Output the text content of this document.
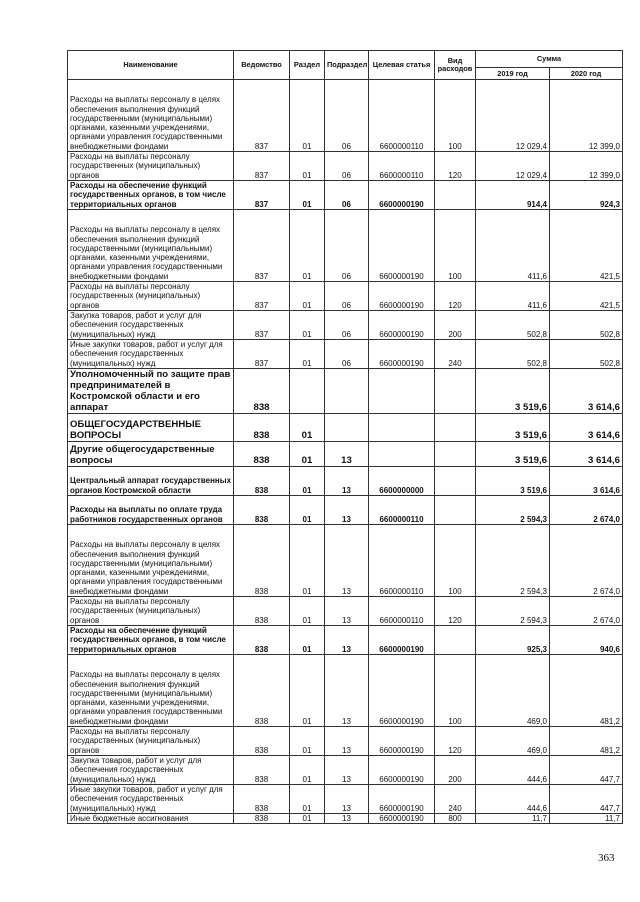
Наименование	Ведомство	Раздел	Подраздел	Целевая статья	Вид расходов	Сумма	
						2019 год	2020 год
Расходы на выплаты персоналу в целях обеспечения выполнения функций государственными (муниципальными) органами, казенными учреждениями, органами управления государственными внебюджетными фондами	837	01	06	6600000110	100	12 029,4	12 399,0
Расходы на выплаты персоналу государственных (муниципальных) органов	837	01	06	6600000110	120	12 029,4	12 399,0
Расходы на обеспечение функций государственных органов, в том числе территориальных органов	837	01	06	6600000190		914,4	924,3
Расходы на выплаты персоналу в целях обеспечения выполнения функций государственными (муниципальными) органами, казенными учреждениями, органами управления государственными внебюджетными фондами	837	01	06	6600000190	100	411,6	421,5
Расходы на выплаты персоналу государственных (муниципальных) органов	837	01	06	6600000190	120	411,6	421,5
Закупка товаров, работ и услуг для обеспечения государственных (муниципальных) нужд	837	01	06	6600000190	200	502,8	502,8
Иные закупки товаров, работ и услуг для обеспечения государственных (муниципальных) нужд	837	01	06	6600000190	240	502,8	502,8
Уполномоченный по защите прав предпринимателей в Костромской области и его аппарат	838					3 519,6	3 614,6
ОБЩЕГОСУДАРСТВЕННЫЕ ВОПРОСЫ	838	01				3 519,6	3 614,6
Другие общегосударственные вопросы	838	01	13			3 519,6	3 614,6
Центральный аппарат государственных органов Костромской области	838	01	13	6600000000		3 519,6	3 614,6
Расходы на выплаты по оплате труда работников государственных органов	838	01	13	6600000110		2 594,3	2 674,0
Расходы на выплаты персоналу в целях обеспечения выполнения функций государственными (муниципальными) органами, казенными учреждениями, органами управления государственными внебюджетными фондами	838	01	13	6600000110	100	2 594,3	2 674,0
Расходы на выплаты персоналу государственных (муниципальных) органов	838	01	13	6600000110	120	2 594,3	2 674,0
Расходы на обеспечение функций государственных органов, в том числе территориальных органов	838	01	13	6600000190		925,3	940,6
Расходы на выплаты персоналу в целях обеспечения выполнения функций государственными (муниципальными) органами, казенными учреждениями, органами управления государственными внебюджетными фондами	838	01	13	6600000190	100	469,0	481,2
Расходы на выплаты персоналу государственных (муниципальных) органов	838	01	13	6600000190	120	469,0	481,2
Закупка товаров, работ и услуг для обеспечения государственных (муниципальных) нужд	838	01	13	6600000190	200	444,6	447,7
Иные закупки товаров, работ и услуг для обеспечения государственных (муниципальных) нужд	838	01	13	6600000190	240	444,6	447,7
Иные бюджетные ассигнования	838	01	13	6600000190	800	11,7	11,7
363
